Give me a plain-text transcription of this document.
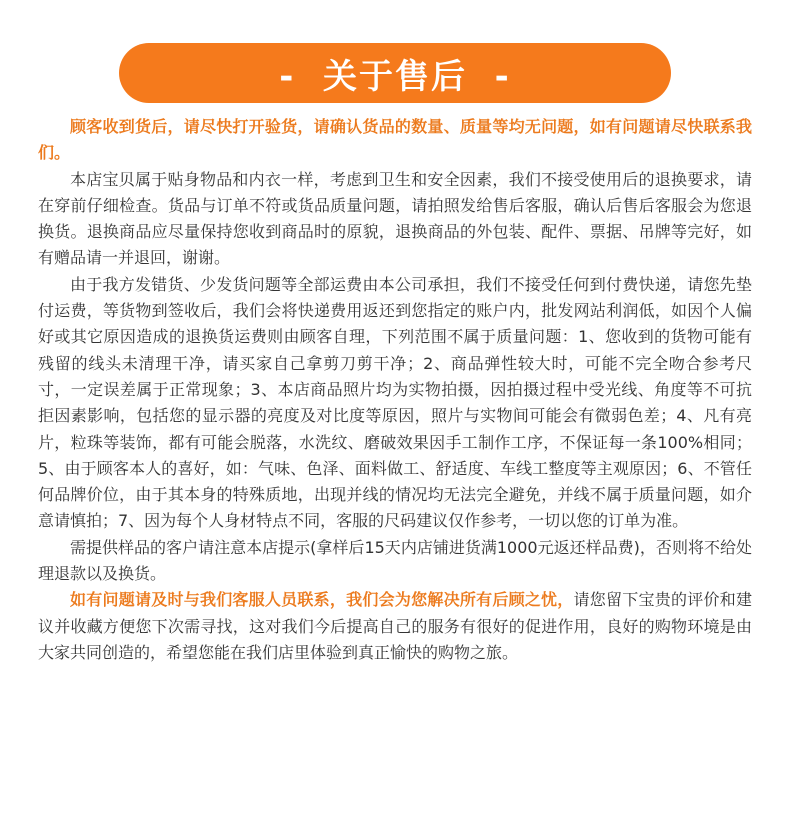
-  关于售后  -

顾客收到货后，请尽快打开验货，请确认货品的数量、质量等均无问题，如有问题请尽快联系我们。

本店宝贝属于贴身物品和内衣一样，考虑到卫生和安全因素，我们不接受使用后的退换要求，请在穿前仔细检查。货品与订单不符或货品质量问题，请拍照发给售后客服，确认后售后客服会为您退换货。退换商品应尽量保持您收到商品时的原貌，退换商品的外包装、配件、票据、吊牌等完好，如有赠品请一并退回，谢谢。

由于我方发错货、少发货问题等全部运费由本公司承担，我们不接受任何到付费快递，请您先垫付运费，等货物到签收后，我们会将快递费用返还到您指定的账户内，批发网站利润低，如因个人偏好或其它原因造成的退换货运费则由顾客自理，下列范围不属于质量问题：1、您收到的货物可能有残留的线头未清理干净，请买家自己拿剪刀剪干净；2、商品弹性较大时，可能不完全吻合参考尺寸，一定误差属于正常现象；3、本店商品照片均为实物拍摄，因拍摄过程中受光线、角度等不可抗拒因素影响，包括您的显示器的亮度及对比度等原因，照片与实物间可能会有微弱色差；4、凡有亮片，粒珠等装饰，都有可能会脱落，水洗纹、磨破效果因手工制作工序，不保证每一条100%相同；5、由于顾客本人的喜好，如：气味、色泽、面料做工、舒适度、车线工整度等主观原因；6、不管任何品牌价位，由于其本身的特殊质地，出现并线的情况均无法完全避免，并线不属于质量问题，如介意请慎拍；7、因为每个人身材特点不同，客服的尺码建议仅作参考，一切以您的订单为准。

需提供样品的客户请注意本店提示(拿样后15天内店铺进货满1000元返还样品费)，否则将不给处理退款以及换货。

如有问题请及时与我们客服人员联系，我们会为您解决所有后顾之忧，请您留下宝贵的评价和建议并收藏方便您下次需寻找，这对我们今后提高自己的服务有很好的促进作用，良好的购物环境是由大家共同创造的，希望您能在我们店里体验到真正愉快的购物之旅。
